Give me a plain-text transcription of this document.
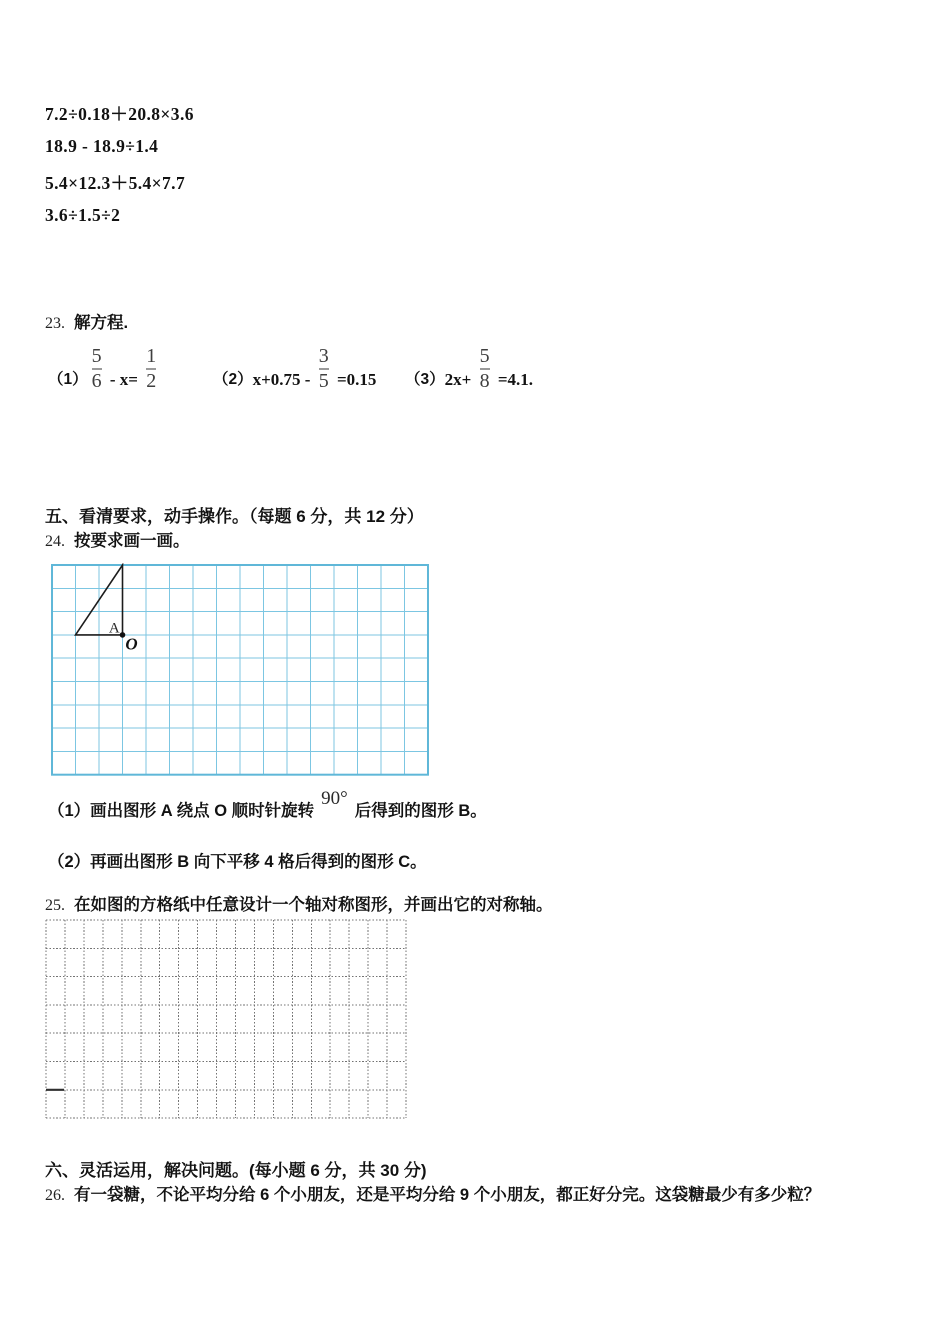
7.2÷0.18＋20.8×3.6
18.9 - 18.9÷1.4
5.4×12.3＋5.4×7.7
3.6÷1.5÷2
23. 解方程.
$(1) \frac{5}{6} - x= \frac{1}{2}$	（2） $x+0.75 - \frac{3}{5} =0.15$ （3） $2x+ \frac{5}{8} =4.1$.
五、看清要求，动手操作。（每题 6 分，共 12 分）
24. 按要求画一画。
A
O
（1）画出图形 A 绕点 O 顺时针旋转
90°
后得到的图形 B。
（2）再画出图形 B 向下平移 4 格后得到的图形 C。
25. 在如图的方格纸中任意设计一个轴对称图形，并画出它的对称轴。
六、灵活运用，解决问题。(每小题 6 分，共 30 分)
26. 有一袋糖，不论平均分给 6 个小朋友，还是平均分给 9 个小朋友，都正好分完。这袋糖最少有多少粒？
